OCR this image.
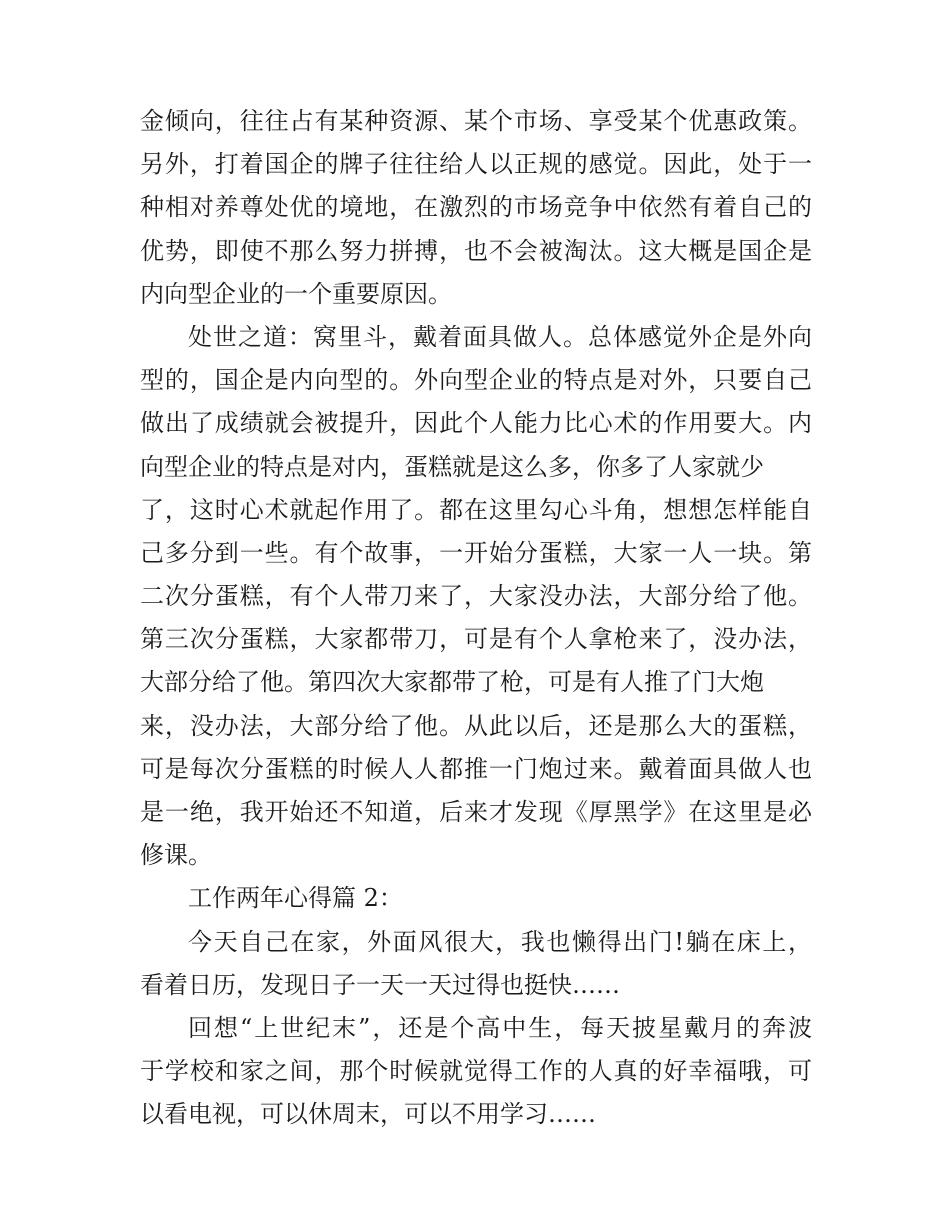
金倾向，往往占有某种资源、某个市场、享受某个优惠政策。
另外，打着国企的牌子往往给人以正规的感觉。因此，处于一
种相对养尊处优的境地，在激烈的市场竞争中依然有着自己的
优势，即使不那么努力拼搏，也不会被淘汰。这大概是国企是
内向型企业的一个重要原因。
处世之道：窝里斗，戴着面具做人。总体感觉外企是外向
型的，国企是内向型的。外向型企业的特点是对外，只要自己
做出了成绩就会被提升，因此个人能力比心术的作用要大。内
向型企业的特点是对内，蛋糕就是这么多，你多了人家就少
了，这时心术就起作用了。都在这里勾心斗角，想想怎样能自
己多分到一些。有个故事，一开始分蛋糕，大家一人一块。第
二次分蛋糕，有个人带刀来了，大家没办法，大部分给了他。
第三次分蛋糕，大家都带刀，可是有个人拿枪来了，没办法，
大部分给了他。第四次大家都带了枪，可是有人推了门大炮
来，没办法，大部分给了他。从此以后，还是那么大的蛋糕，
可是每次分蛋糕的时候人人都推一门炮过来。戴着面具做人也
是一绝，我开始还不知道，后来才发现《厚黑学》在这里是必
修课。
工作两年心得篇 2：
今天自己在家，外面风很大，我也懒得出门!躺在床上，
看着日历，发现日子一天一天过得也挺快……
回想“上世纪末”，还是个高中生，每天披星戴月的奔波
于学校和家之间，那个时候就觉得工作的人真的好幸福哦，可
以看电视，可以休周末，可以不用学习……
